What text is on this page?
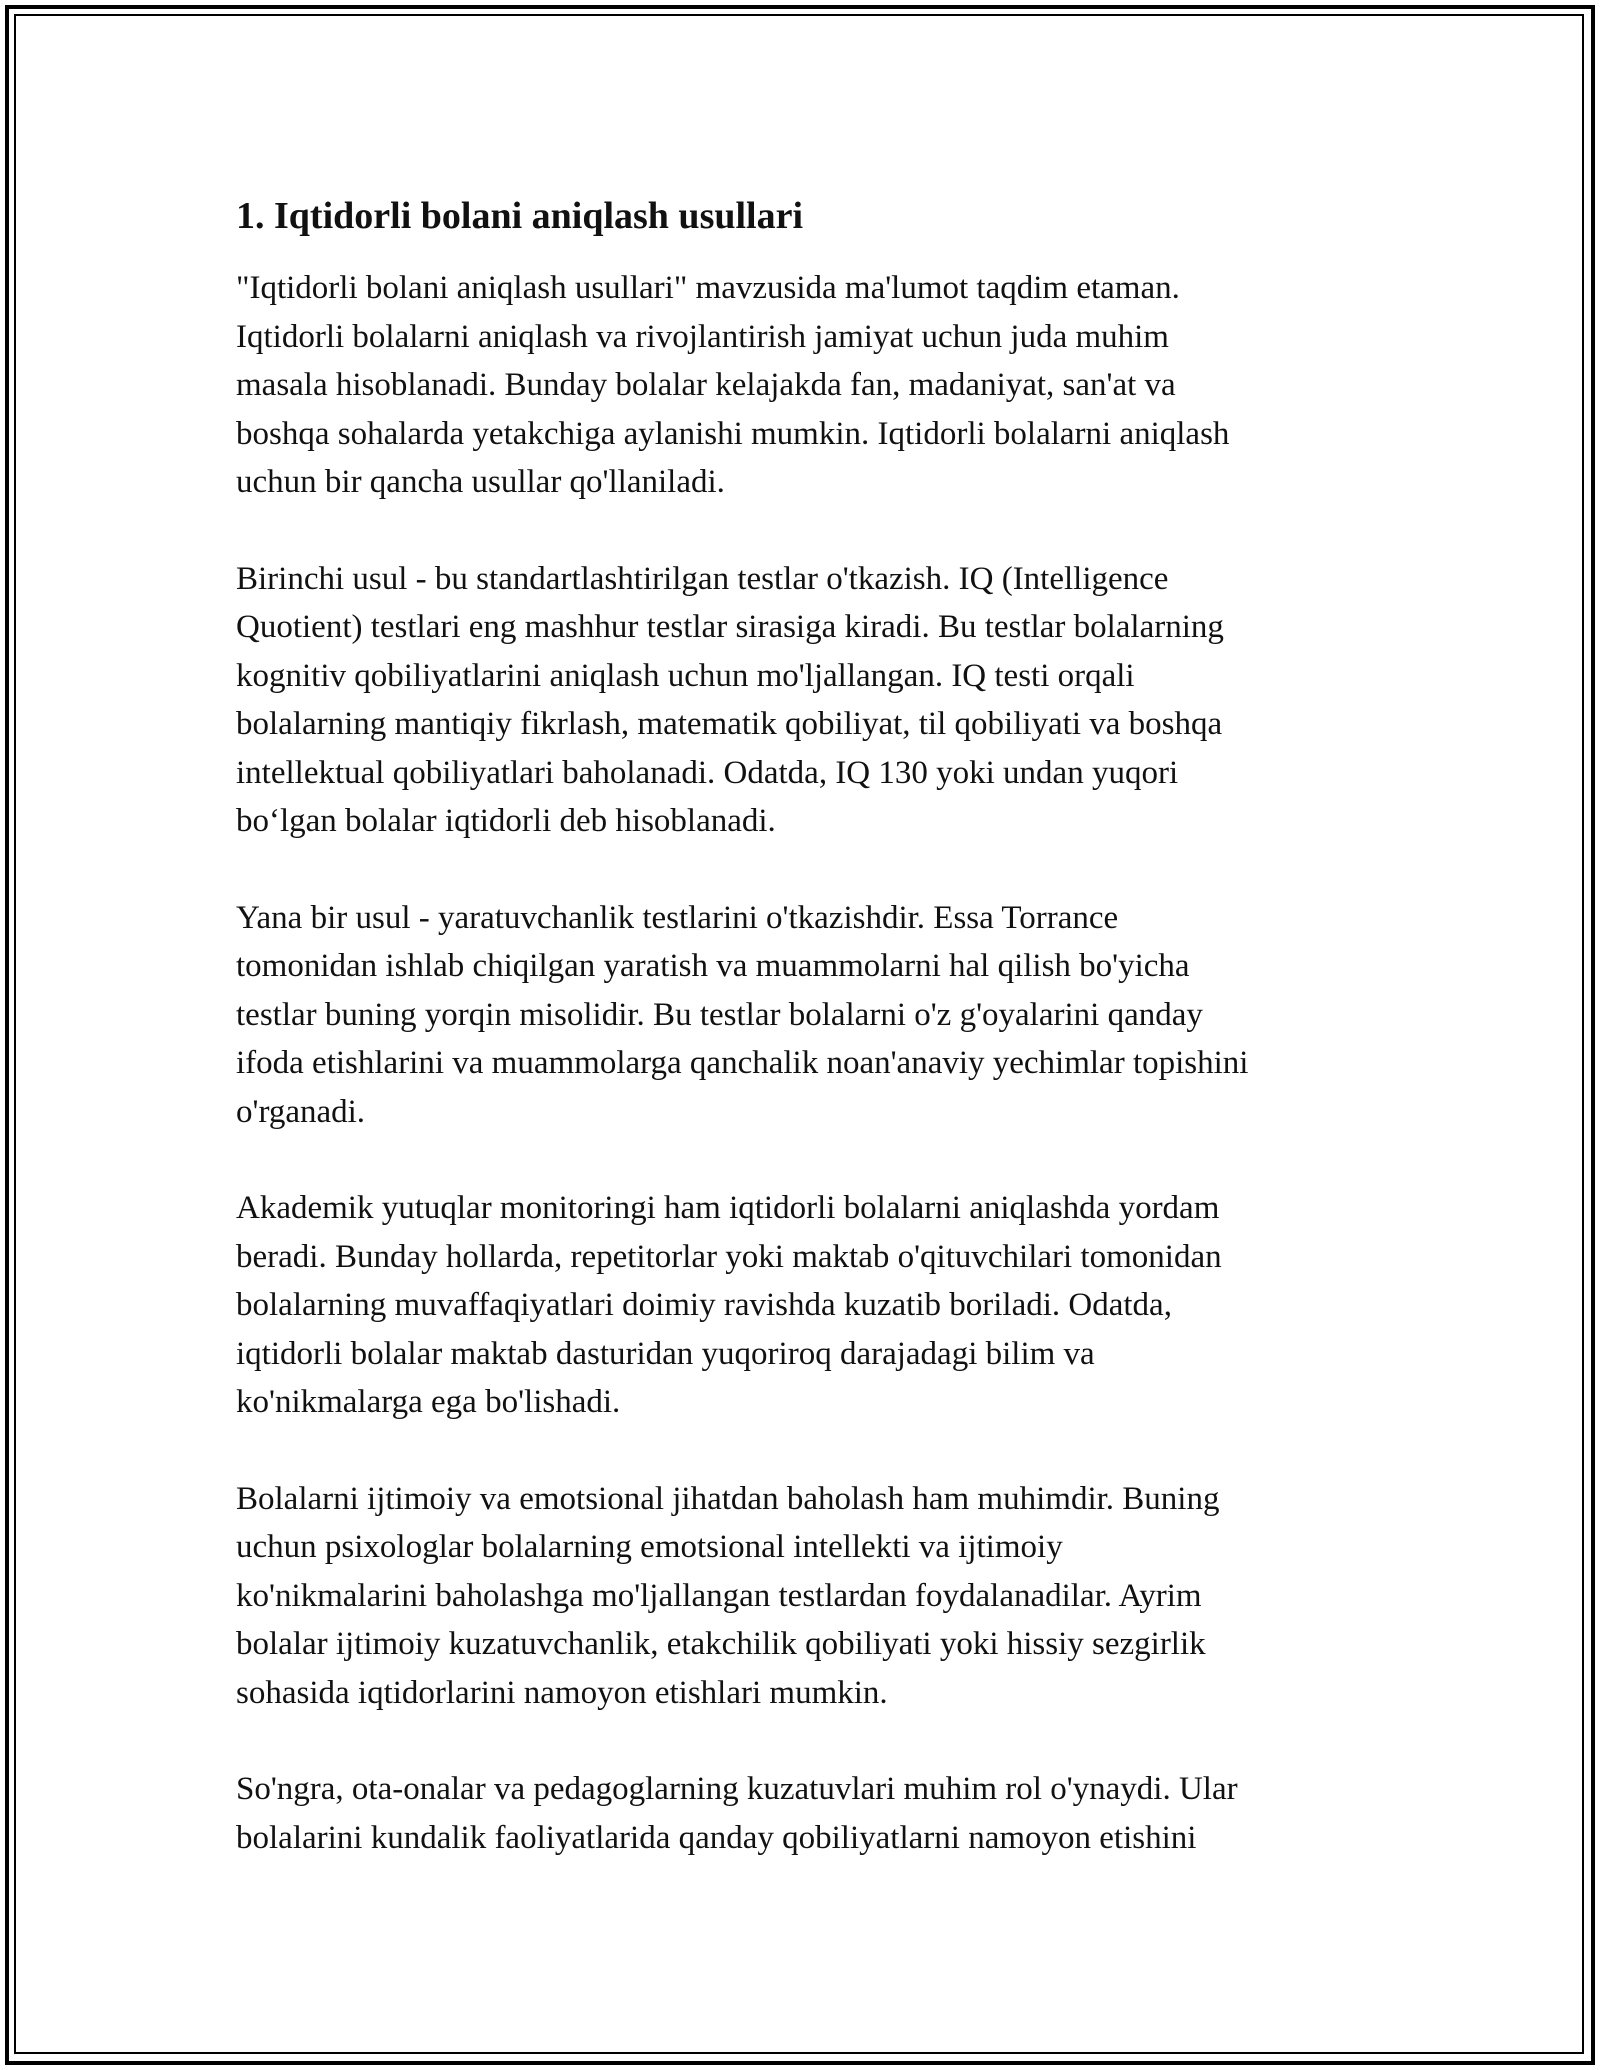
1. Iqtidorli bolani aniqlash usullari

"Iqtidorli bolani aniqlash usullari" mavzusida ma'lumot taqdim etaman.
Iqtidorli bolalarni aniqlash va rivojlantirish jamiyat uchun juda muhim
masala hisoblanadi. Bunday bolalar kelajakda fan, madaniyat, san'at va
boshqa sohalarda yetakchiga aylanishi mumkin. Iqtidorli bolalarni aniqlash
uchun bir qancha usullar qo'llaniladi.

Birinchi usul - bu standartlashtirilgan testlar o'tkazish. IQ (Intelligence
Quotient) testlari eng mashhur testlar sirasiga kiradi. Bu testlar bolalarning
kognitiv qobiliyatlarini aniqlash uchun mo'ljallangan. IQ testi orqali
bolalarning mantiqiy fikrlash, matematik qobiliyat, til qobiliyati va boshqa
intellektual qobiliyatlari baholanadi. Odatda, IQ 130 yoki undan yuqori
bo‘lgan bolalar iqtidorli deb hisoblanadi.

Yana bir usul - yaratuvchanlik testlarini o'tkazishdir. Essa Torrance
tomonidan ishlab chiqilgan yaratish va muammolarni hal qilish bo'yicha
testlar buning yorqin misolidir. Bu testlar bolalarni o'z g'oyalarini qanday
ifoda etishlarini va muammolarga qanchalik noan'anaviy yechimlar topishini
o'rganadi.

Akademik yutuqlar monitoringi ham iqtidorli bolalarni aniqlashda yordam
beradi. Bunday hollarda, repetitorlar yoki maktab o'qituvchilari tomonidan
bolalarning muvaffaqiyatlari doimiy ravishda kuzatib boriladi. Odatda,
iqtidorli bolalar maktab dasturidan yuqoriroq darajadagi bilim va
ko'nikmalarga ega bo'lishadi.

Bolalarni ijtimoiy va emotsional jihatdan baholash ham muhimdir. Buning
uchun psixologlar bolalarning emotsional intellekti va ijtimoiy
ko'nikmalarini baholashga mo'ljallangan testlardan foydalanadilar. Ayrim
bolalar ijtimoiy kuzatuvchanlik, etakchilik qobiliyati yoki hissiy sezgirlik
sohasida iqtidorlarini namoyon etishlari mumkin.

So'ngra, ota-onalar va pedagoglarning kuzatuvlari muhim rol o'ynaydi. Ular
bolalarini kundalik faoliyatlarida qanday qobiliyatlarni namoyon etishini
